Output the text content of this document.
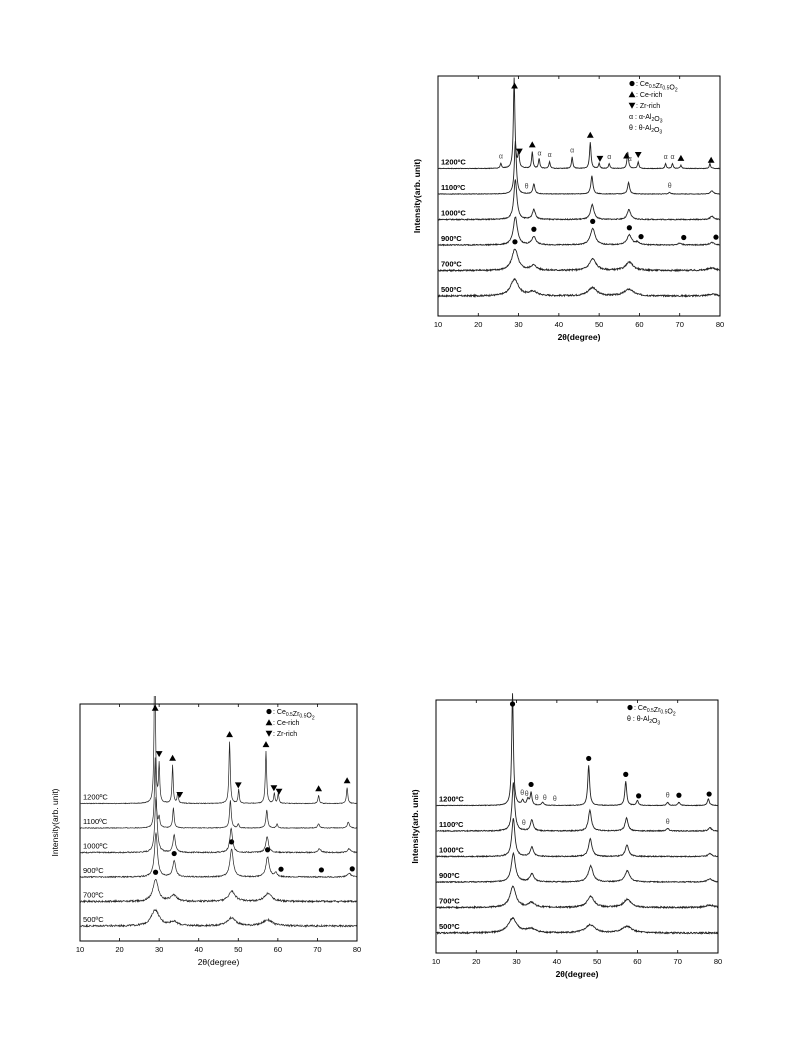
10	20	30	40	50	60	70	80
2θ(degree)
Intensity(arb. unit)
: $Ce_{0.5}Zr_{0.5}O_2$
: Ce-rich
: Zr-rich
α : $\alpha-Al_2O_3$
θ : $\theta-Al_2O_3$
500ºC
700ºC
900ºC
1000ºC
1100ºC	θ	θ
1200ºC
α	α α
α
α α	α α
10	20	30	40	50	60	70	80
2θ(degree)
Intensity(arb. unit)
: $Ce_{0.5}Zr_{0.5}O_2$
: Ce-rich
: Zr-rich
500ºC
700ºC
900ºC
1000ºC
1100ºC
1200ºC
10	20	30	40	50	60	70	80
2θ(degree)
Intensity(arb. unit)
: $Ce_{0.5}Zr_{0.5}O_2$
θ : $\theta-Al_2O_3$
500ºC
700ºC
900ºC
1000ºC
1100ºC	θ	θ
1200ºC
θ θ
θ θ θ	θ
